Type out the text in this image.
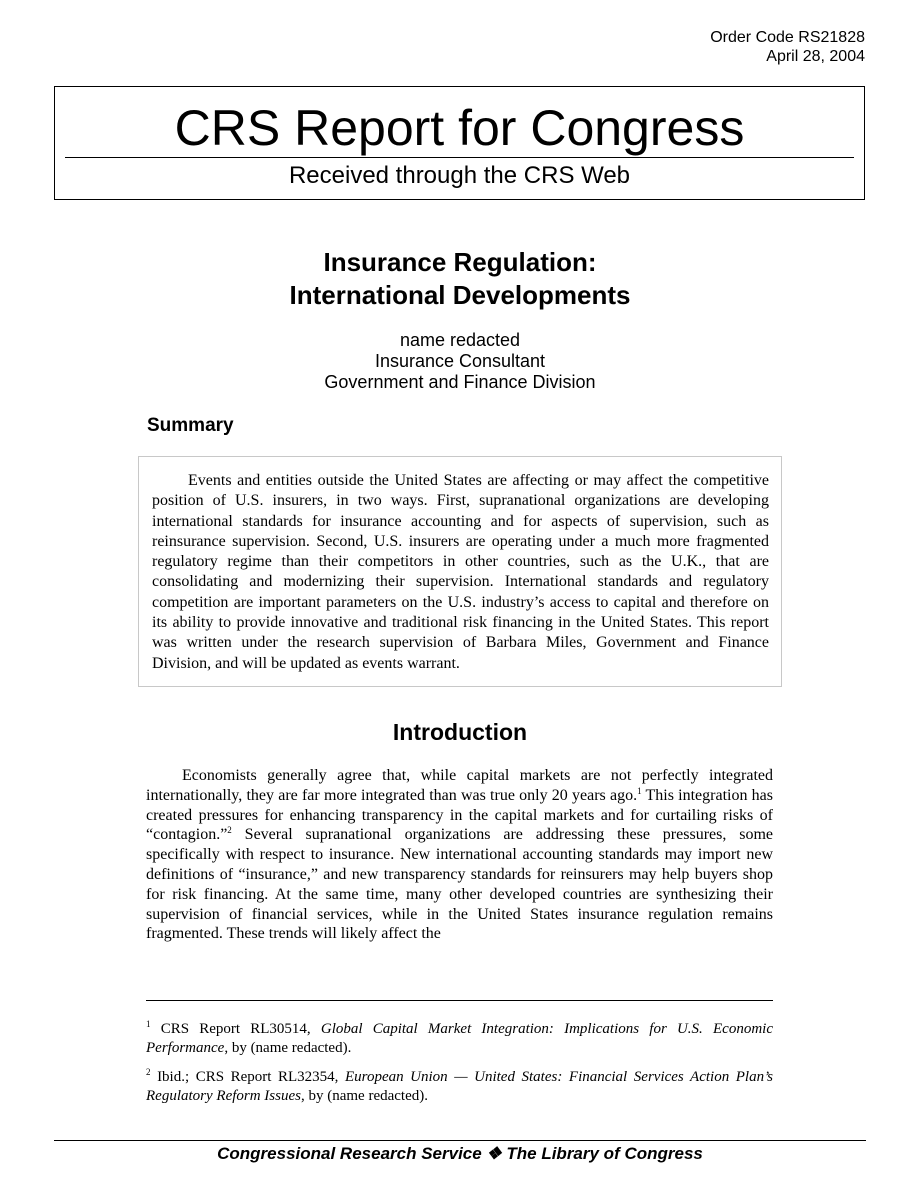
Order Code RS21828
April 28, 2004
CRS Report for Congress
Received through the CRS Web
Insurance Regulation:
International Developments
name redacted
Insurance Consultant
Government and Finance Division
Summary
Events and entities outside the United States are affecting or may affect the competitive position of U.S. insurers, in two ways. First, supranational organizations are developing international standards for insurance accounting and for aspects of supervision, such as reinsurance supervision. Second, U.S. insurers are operating under a much more fragmented regulatory regime than their competitors in other countries, such as the U.K., that are consolidating and modernizing their supervision. International standards and regulatory competition are important parameters on the U.S. industry’s access to capital and therefore on its ability to provide innovative and traditional risk financing in the United States. This report was written under the research supervision of Barbara Miles, Government and Finance Division, and will be updated as events warrant.
Introduction
Economists generally agree that, while capital markets are not perfectly integrated internationally, they are far more integrated than was true only 20 years ago.$^1$ This integration has created pressures for enhancing transparency in the capital markets and for curtailing risks of “contagion.”$^2$ Several supranational organizations are addressing these pressures, some specifically with respect to insurance. New international accounting standards may import new definitions of “insurance,” and new transparency standards for reinsurers may help buyers shop for risk financing. At the same time, many other developed countries are synthesizing their supervision of financial services, while in the United States insurance regulation remains fragmented. These trends will likely affect the
$^1$ CRS Report RL30514, Global Capital Market Integration: Implications for U.S. Economic Performance, by (name redacted).
$^2$ Ibid.; CRS Report RL32354, European Union — United States: Financial Services Action Plan’s Regulatory Reform Issues, by (name redacted).
Congressional Research Service ❖ The Library of Congress
